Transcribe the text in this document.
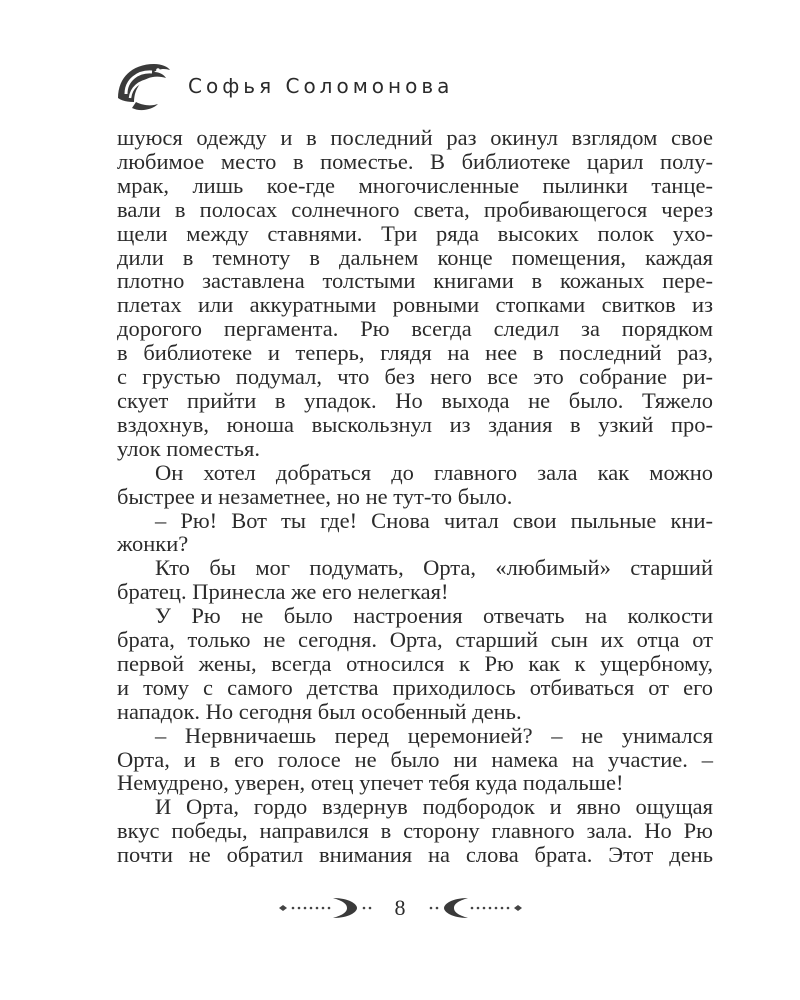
Софья Соломонова

шуюся одежду и в последний раз окинул взглядом свое

любимое место в поместье. В библиотеке царил полу-

мрак, лишь кое-где многочисленные пылинки танце-

вали в полосах солнечного света, пробивающегося через

щели между ставнями. Три ряда высоких полок ухо-

дили в темноту в дальнем конце помещения, каждая

плотно заставлена толстыми книгами в кожаных пере-

плетах или аккуратными ровными стопками свитков из

дорогого пергамента. Рю всегда следил за порядком

в библиотеке и теперь, глядя на нее в последний раз,

с грустью подумал, что без него все это собрание ри-

скует прийти в упадок. Но выхода не было. Тяжело

вздохнув, юноша выскользнул из здания в узкий про-

улок поместья.

Он хотел добраться до главного зала как можно

быстрее и незаметнее, но не тут-то было.

– Рю! Вот ты где! Снова читал свои пыльные кни-

жонки?

Кто бы мог подумать, Орта, «любимый» старший

братец. Принесла же его нелегкая!

У Рю не было настроения отвечать на колкости

брата, только не сегодня. Орта, старший сын их отца от

первой жены, всегда относился к Рю как к ущербному,

и тому с самого детства приходилось отбиваться от его

нападок. Но сегодня был особенный день.

– Нервничаешь перед церемонией? – не унимался

Орта, и в его голосе не было ни намека на участие. –

Немудрено, уверен, отец упечет тебя куда подальше!

И Орта, гордо вздернув подбородок и явно ощущая

вкус победы, направился в сторону главного зала. Но Рю

почти не обратил внимания на слова брата. Этот день

8
